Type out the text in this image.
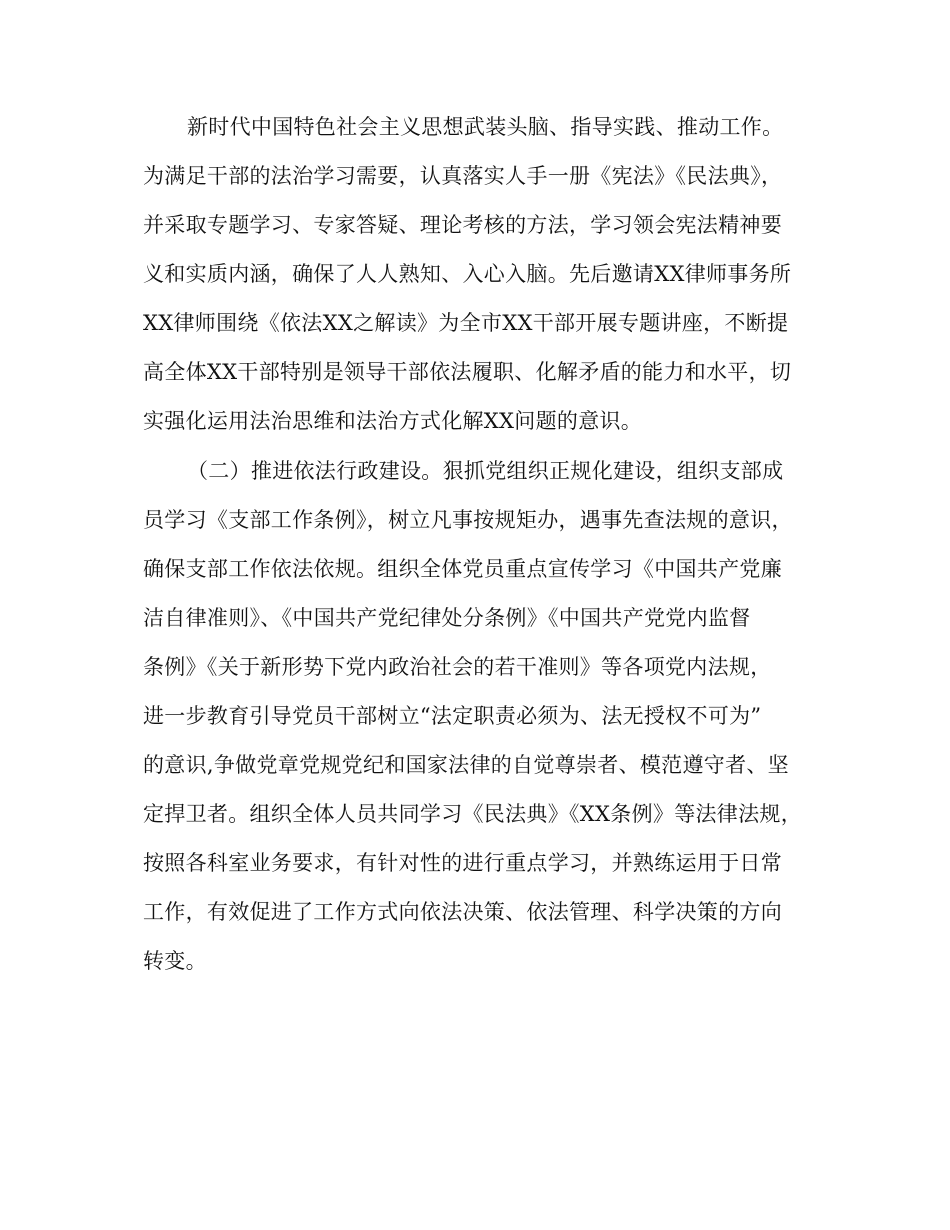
新时代中国特色社会主义思想武装头脑、指导实践、推动工作。
为满足干部的法治学习需要，认真落实人手一册《宪法》《民法典》，
并采取专题学习、专家答疑、理论考核的方法，学习领会宪法精神要
义和实质内涵，确保了人人熟知、入心入脑。先后邀请XX律师事务所
XX律师围绕《依法XX之解读》为全市XX干部开展专题讲座，不断提
高全体XX干部特别是领导干部依法履职、化解矛盾的能力和水平，切
实强化运用法治思维和法治方式化解XX问题的意识。
（二）推进依法行政建设。狠抓党组织正规化建设，组织支部成
员学习《支部工作条例》，树立凡事按规矩办，遇事先查法规的意识，
确保支部工作依法依规。组织全体党员重点宣传学习《中国共产党廉
洁自律准则》、《中国共产党纪律处分条例》《中国共产党党内监督
条例》《关于新形势下党内政治社会的若干准则》等各项党内法规，
进一步教育引导党员干部树立“法定职责必须为、法无授权不可为”
的意识,争做党章党规党纪和国家法律的自觉尊崇者、模范遵守者、坚
定捍卫者。组织全体人员共同学习《民法典》《XX条例》等法律法规，
按照各科室业务要求，有针对性的进行重点学习，并熟练运用于日常
工作，有效促进了工作方式向依法决策、依法管理、科学决策的方向
转变。
